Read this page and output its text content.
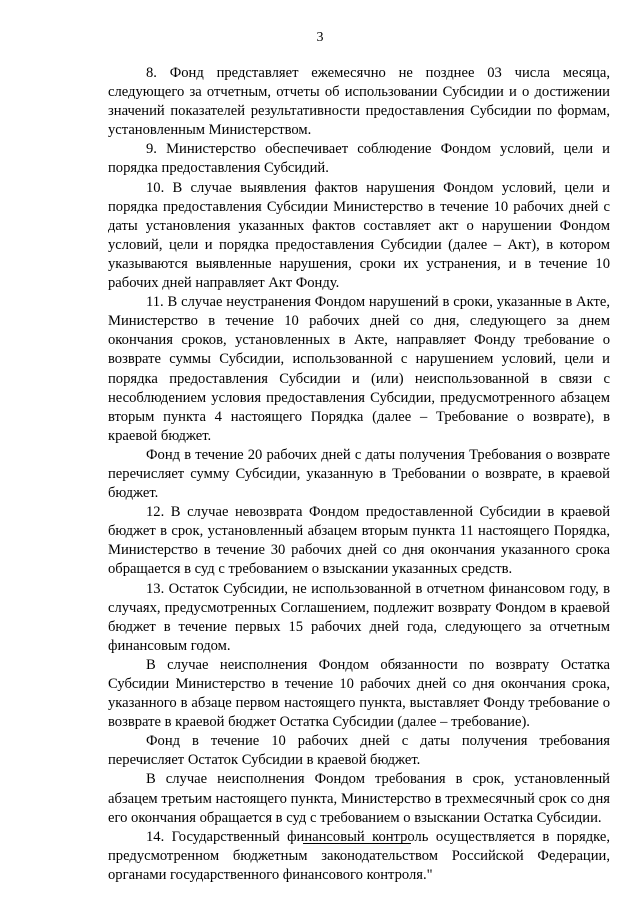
3

8. Фонд представляет ежемесячно не позднее 03 числа месяца, следующего за отчетным, отчеты об использовании Субсидии и о достижении значений показателей результативности предоставления Субсидии по формам, установленным Министерством.

9. Министерство обеспечивает соблюдение Фондом условий, цели и порядка предоставления Субсидий.

10. В случае выявления фактов нарушения Фондом условий, цели и порядка предоставления Субсидии Министерство в течение 10 рабочих дней с даты установления указанных фактов составляет акт о нарушении Фондом условий, цели и порядка предоставления Субсидии (далее – Акт), в котором указываются выявленные нарушения, сроки их устранения, и в течение 10 рабочих дней направляет Акт Фонду.

11. В случае неустранения Фондом нарушений в сроки, указанные в Акте, Министерство в течение 10 рабочих дней со дня, следующего за днем окончания сроков, установленных в Акте, направляет Фонду требование о возврате суммы Субсидии, использованной с нарушением условий, цели и порядка предоставления Субсидии и (или) неиспользованной в связи с несоблюдением условия предоставления Субсидии, предусмотренного абзацем вторым пункта 4 настоящего Порядка (далее – Требование о возврате), в краевой бюджет.

Фонд в течение 20 рабочих дней с даты получения Требования о возврате перечисляет сумму Субсидии, указанную в Требовании о возврате, в краевой бюджет.

12. В случае невозврата Фондом предоставленной Субсидии в краевой бюджет в срок, установленный абзацем вторым пункта 11 настоящего Порядка, Министерство в течение 30 рабочих дней со дня окончания указанного срока обращается в суд с требованием о взыскании указанных средств.

13. Остаток Субсидии, не использованной в отчетном финансовом году, в случаях, предусмотренных Соглашением, подлежит возврату Фондом в краевой бюджет в течение первых 15 рабочих дней года, следующего за отчетным финансовым годом.

В случае неисполнения Фондом обязанности по возврату Остатка Субсидии Министерство в течение 10 рабочих дней со дня окончания срока, указанного в абзаце первом настоящего пункта, выставляет Фонду требование о возврате в краевой бюджет Остатка Субсидии (далее – требование).

Фонд в течение 10 рабочих дней с даты получения требования перечисляет Остаток Субсидии в краевой бюджет.

В случае неисполнения Фондом требования в срок, установленный абзацем третьим настоящего пункта, Министерство в трехмесячный срок со дня его окончания обращается в суд с требованием о взыскании Остатка Субсидии.

14. Государственный финансовый контроль осуществляется в порядке, предусмотренном бюджетным законодательством Российской Федерации, органами государственного финансового контроля."
